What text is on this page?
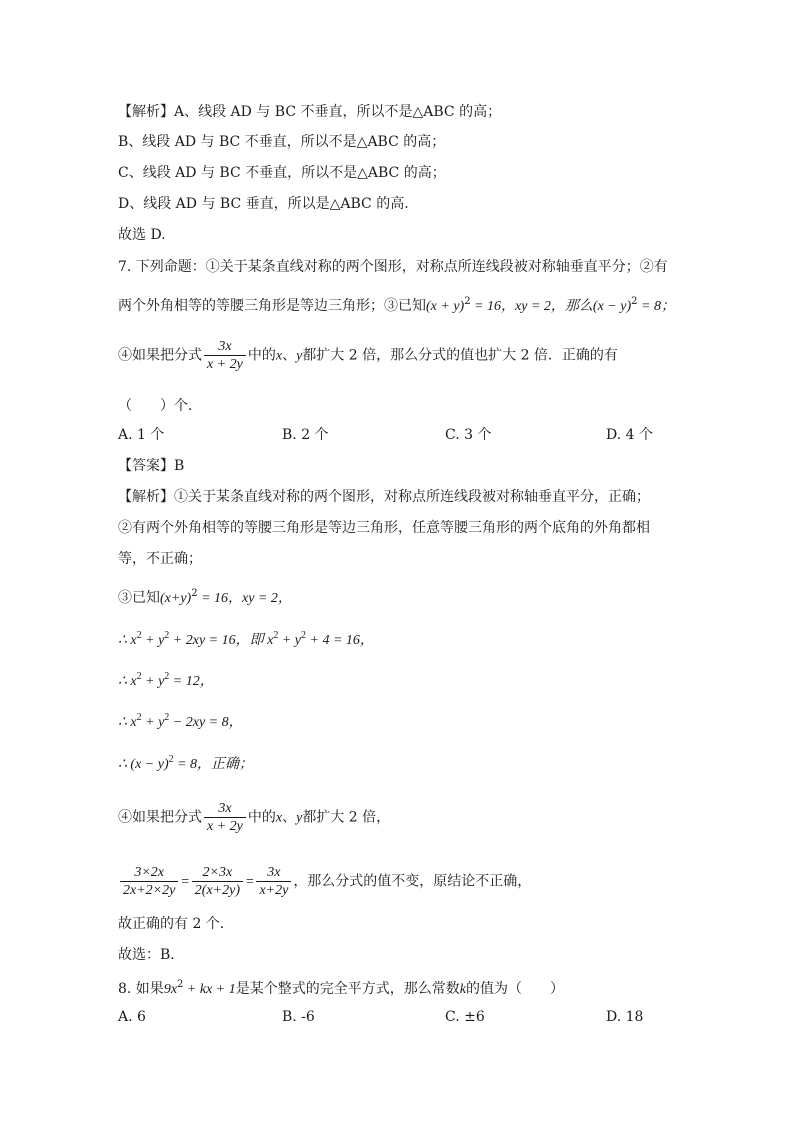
【解析】A、线段 AD 与 BC 不垂直，所以不是△ABC 的高；
B、线段 AD 与 BC 不垂直，所以不是△ABC 的高；
C、线段 AD 与 BC 不垂直，所以不是△ABC 的高；
D、线段 AD 与 BC 垂直，所以是△ABC 的高.
故选 D.
7. 下列命题：①关于某条直线对称的两个图形，对称点所连线段被对称轴垂直平分；②有
两个外角相等的等腰三角形是等边三角形；③已知$(x + y)^2 = 16$，xy = 2，那么$(x - y)^2 = 8$；
④如果把分式 $\frac{3x}{x + 2y}$ 中的x、y都扩大 2 倍，那么分式的值也扩大 2 倍．正确的有
（　　）个．
A. 1 个	B. 2 个	C. 3 个	D. 4 个
【答案】B
【解析】①关于某条直线对称的两个图形，对称点所连线段被对称轴垂直平分，正确；
②有两个外角相等的等腰三角形是等边三角形，任意等腰三角形的两个底角的外角都相
等，不正确；
③已知$(x+y)^2 = 16$，xy = 2，
∴ $x^2 + y^2 + 2xy = 16$，即 $x^2 + y^2 + 4 = 16$，
∴ $x^2 + y^2 = 12$，
∴ $x^2 + y^2 - 2xy = 8$，
∴ $(x - y)^2 = 8$，正确；
④如果把分式 $\frac{3x}{x + 2y}$ 中的x、y都扩大 2 倍，
$\frac{3\times 2x}{2x+2\times 2y} = \frac{2\times 3x}{2(x+2y)} = \frac{3x}{x+2y}$ ，那么分式的值不变，原结论不正确，
故正确的有 2 个．
故选：B．
8. 如果$9x^2$ + kx + 1是某个整式的完全平方式，那么常数k的值为（　　）
A. 6	B. -6	C. ±6	D. 18
